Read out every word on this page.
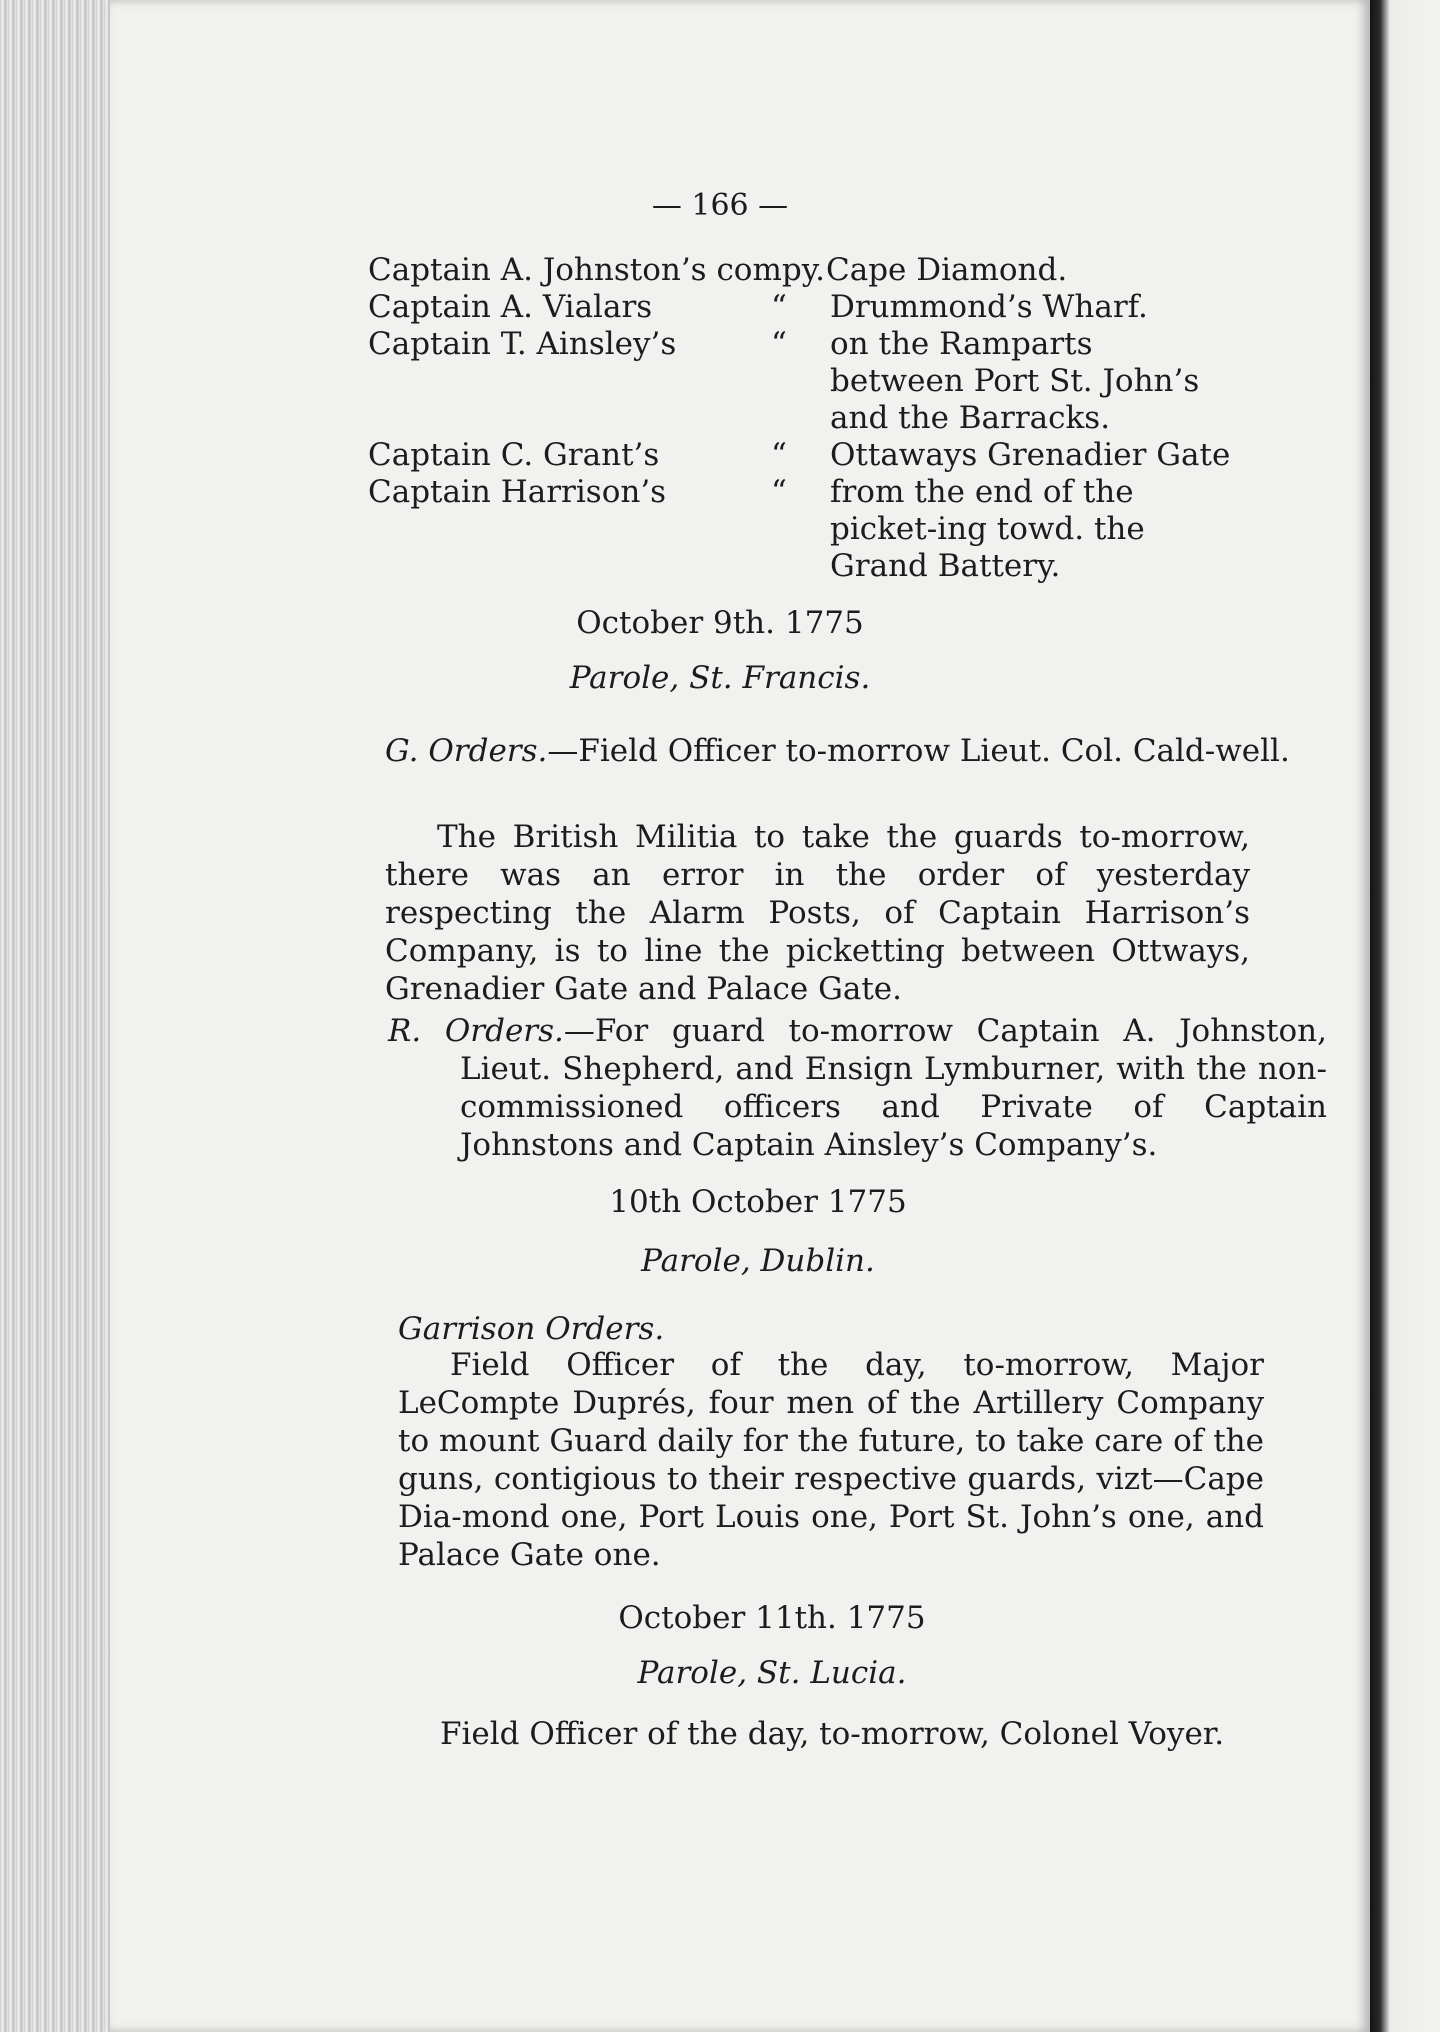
— 166 —
Captain A. Johnston’s compy. Cape Diamond.
Captain A. Vialars	“ Drummond’s Wharf.
Captain T. Ainsley’s	“ on the Ramparts between Port St. John’s and the Barracks.
Captain C. Grant’s	“ Ottaways Grenadier Gate
Captain Harrison’s	“ from the end of the picket-ing towd. the Grand Battery.
October 9th. 1775
Parole, St. Francis.
G. Orders.—Field Officer to-morrow Lieut. Col. Cald-well.
The British Militia to take the guards to-morrow, there was an error in the order of yesterday respecting the Alarm Posts, of Captain Harrison’s Company, is to line the picketting between Ottways, Grenadier Gate and Palace Gate.
R. Orders.—For guard to-morrow Captain A. Johnston, Lieut. Shepherd, and Ensign Lymburner, with the non-commissioned officers and Private of Captain Johnstons and Captain Ainsley’s Company’s.
10th October 1775
Parole, Dublin.
Garrison Orders.
Field Officer of the day, to-morrow, Major LeCompte Duprés, four men of the Artillery Company to mount Guard daily for the future, to take care of the guns, contigious to their respective guards, vizt—Cape Dia-mond one, Port Louis one, Port St. John’s one, and Palace Gate one.
October 11th. 1775
Parole, St. Lucia.
Field Officer of the day, to-morrow, Colonel Voyer.
